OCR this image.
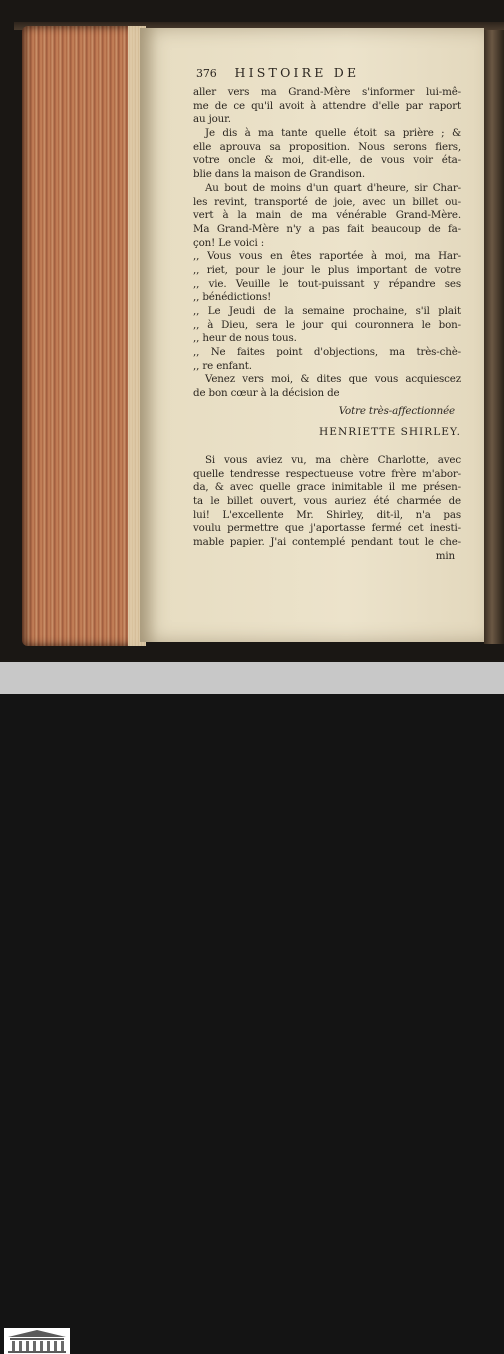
376 HISTOIRE DE
aller vers ma Grand-Mère s'informer lui-mê-
me de ce qu'il avoit à attendre d'elle par raport
au jour.
Je dis à ma tante quelle étoit sa prière ; &
elle aprouva sa proposition. Nous serons fiers,
votre oncle & moi, dit-elle, de vous voir éta-
blie dans la maison de Grandison.
Au bout de moins d'un quart d'heure, sir Char-
les revint, transporté de joie, avec un billet ou-
vert à la main de ma vénérable Grand-Mère.
Ma Grand-Mère n'y a pas fait beaucoup de fa-
çon! Le voici :
,, Vous vous en êtes raportée à moi, ma Har-
,, riet, pour le jour le plus important de votre
,, vie. Veuille le tout-puissant y répandre ses
,, bénédictions!
,, Le Jeudi de la semaine prochaine, s'il plait
,, à Dieu, sera le jour qui couronnera le bon-
,, heur de nous tous.
,, Ne faites point d'objections, ma très-chè-
,, re enfant.
Venez vers moi, & dites que vous acquiescez
de bon cœur à la décision de
Votre très-affectionnée
HENRIETTE SHIRLEY.
Si vous aviez vu, ma chère Charlotte, avec
quelle tendresse respectueuse votre frère m'abor-
da, & avec quelle grace inimitable il me présen-
ta le billet ouvert, vous auriez été charmée de
lui! L'excellente Mr. Shirley, dit-il, n'a pas
voulu permettre que j'aportasse fermé cet inesti-
mable papier. J'ai contemplé pendant tout le che-
min
